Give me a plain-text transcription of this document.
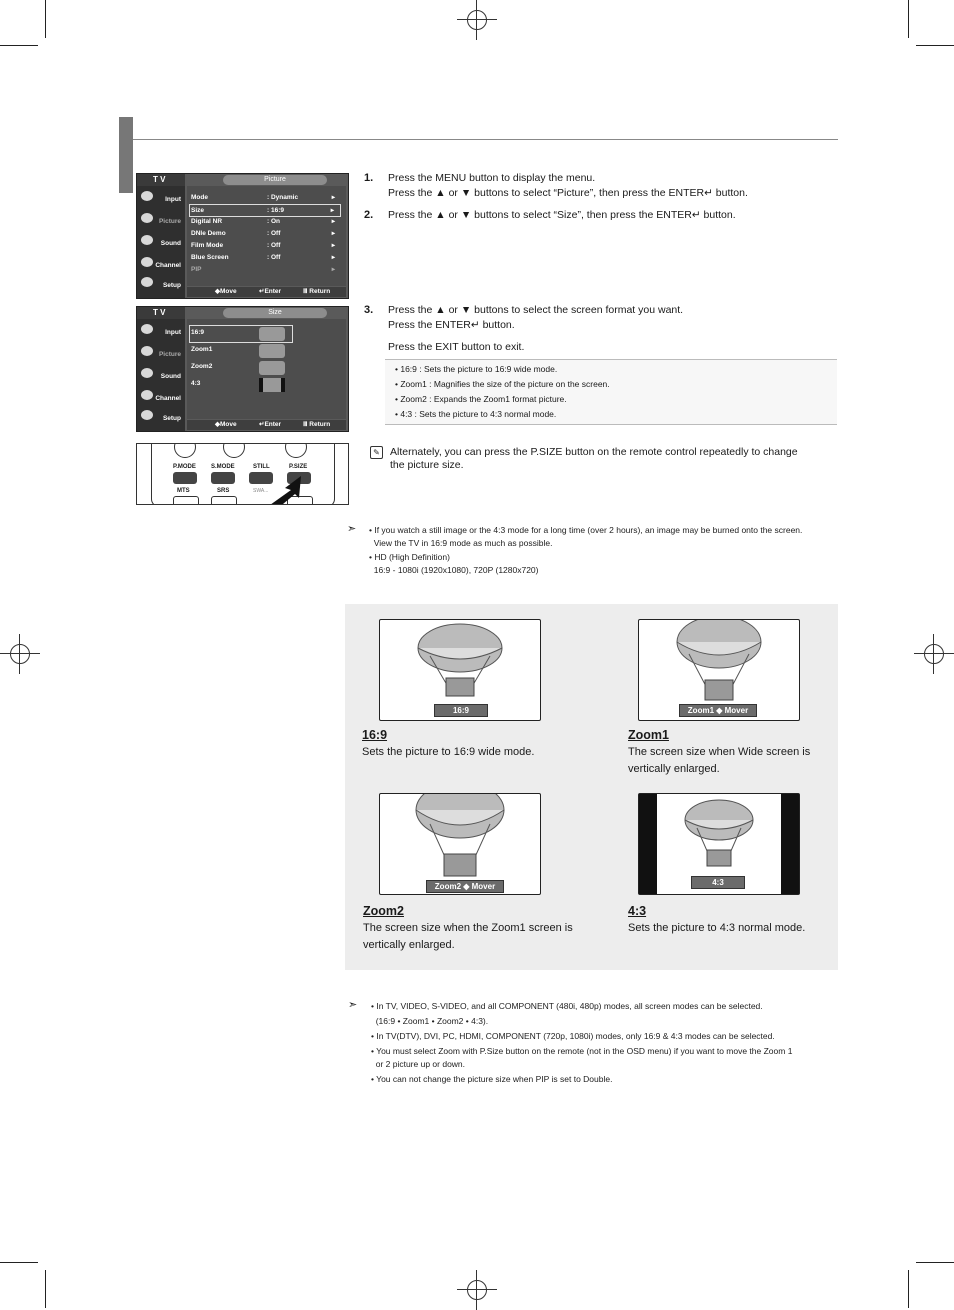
T V	Picture
Input
Picture
Sound
Channel
Setup
Mode	: Dynamic	▸
Size	: 16:9	▸
Digital NR	: On	▸
DNIe Demo	: Off	▸
Film Mode	: Off	▸
Blue Screen	: Off	▸
PIP	▸
◆Move	↵Enter	Ⅲ Return
T V	Size
Input
Picture
Sound
Channel
Setup
16:9
Zoom1
Zoom2
4:3
◆Move	↵Enter	Ⅲ Return
P.MODE	S.MODE	STILL	P.SIZE
MTS	SRS	SWA...
1. Press the MENU button to display the menu.
Press the ▲ or ▼ buttons to select “Picture”, then press the ENTER↵ button.
2. Press the ▲ or ▼ buttons to select “Size”, then press the ENTER↵ button.
3. Press the ▲ or ▼ buttons to select the screen format you want.
Press the ENTER↵ button.
Press the EXIT button to exit.
• 16:9 : Sets the picture to 16:9 wide mode.
• Zoom1 : Magnifies the size of the picture on the screen.
• Zoom2 : Expands the Zoom1 format picture.
• 4:3 : Sets the picture to 4:3 normal mode.
✎ Alternately, you can press the P.SIZE button on the remote control repeatedly to change
the picture size.
➣ • If you watch a still image or the 4:3 mode for a long time (over 2 hours), an image may be burned onto the screen.
View the TV in 16:9 mode as much as possible.
• HD (High Definition)
16:9 - 1080i (1920x1080), 720P (1280x720)
16:9	Zoom1 ◆ Mover
16:9
Sets the picture to 16:9 wide mode.
Zoom1
The screen size when Wide screen is vertically enlarged.
Zoom2 ◆ Mover	4:3
Zoom2
The screen size when the Zoom1 screen is vertically enlarged.
4:3
Sets the picture to 4:3 normal mode.
➣ • In TV, VIDEO, S-VIDEO, and all COMPONENT (480i, 480p) modes, all screen modes can be selected.
(16:9 • Zoom1 • Zoom2 • 4:3).
• In TV(DTV), DVI, PC, HDMI, COMPONENT (720p, 1080i) modes, only 16:9 & 4:3 modes can be selected.
• You must select Zoom with P.Size button on the remote (not in the OSD menu) if you want to move the Zoom 1
or 2 picture up or down.
• You can not change the picture size when PIP is set to Double.
